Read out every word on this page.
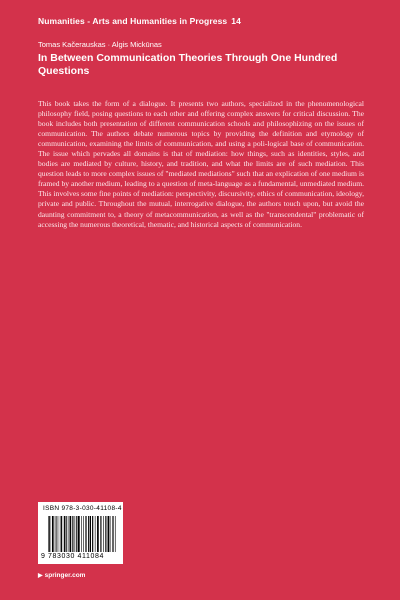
Numanities - Arts and Humanities in Progress 14
Tomas Kačerauskas · Algis Mickūnas
In Between Communication Theories Through One Hundred Questions
This book takes the form of a dialogue. It presents two authors, specialized in the phenomenological philosophy field, posing questions to each other and offering complex answers for critical discussion. The book includes both presentation of different communication schools and philosophizing on the issues of communication. The authors debate numerous topics by providing the definition and etymology of communication, examining the limits of communication, and using a poli-logical base of communication. The issue which pervades all domains is that of mediation: how things, such as identities, styles, and bodies are mediated by culture, history, and tradition, and what the limits are of such mediation. This question leads to more complex issues of "mediated mediations" such that an explication of one medium is framed by another medium, leading to a question of meta-language as a fundamental, unmediated medium. This involves some fine points of mediation: perspectivity, discursivity, ethics of communication, ideology, private and public. Throughout the mutual, interrogative dialogue, the authors touch upon, but avoid the daunting commitment to, a theory of metacommunication, as well as the "transcendental" problematic of accessing the numerous theoretical, thematic, and historical aspects of communication.
ISBN 978-3-030-41108-4
9 783030 411084
▶ springer.com
